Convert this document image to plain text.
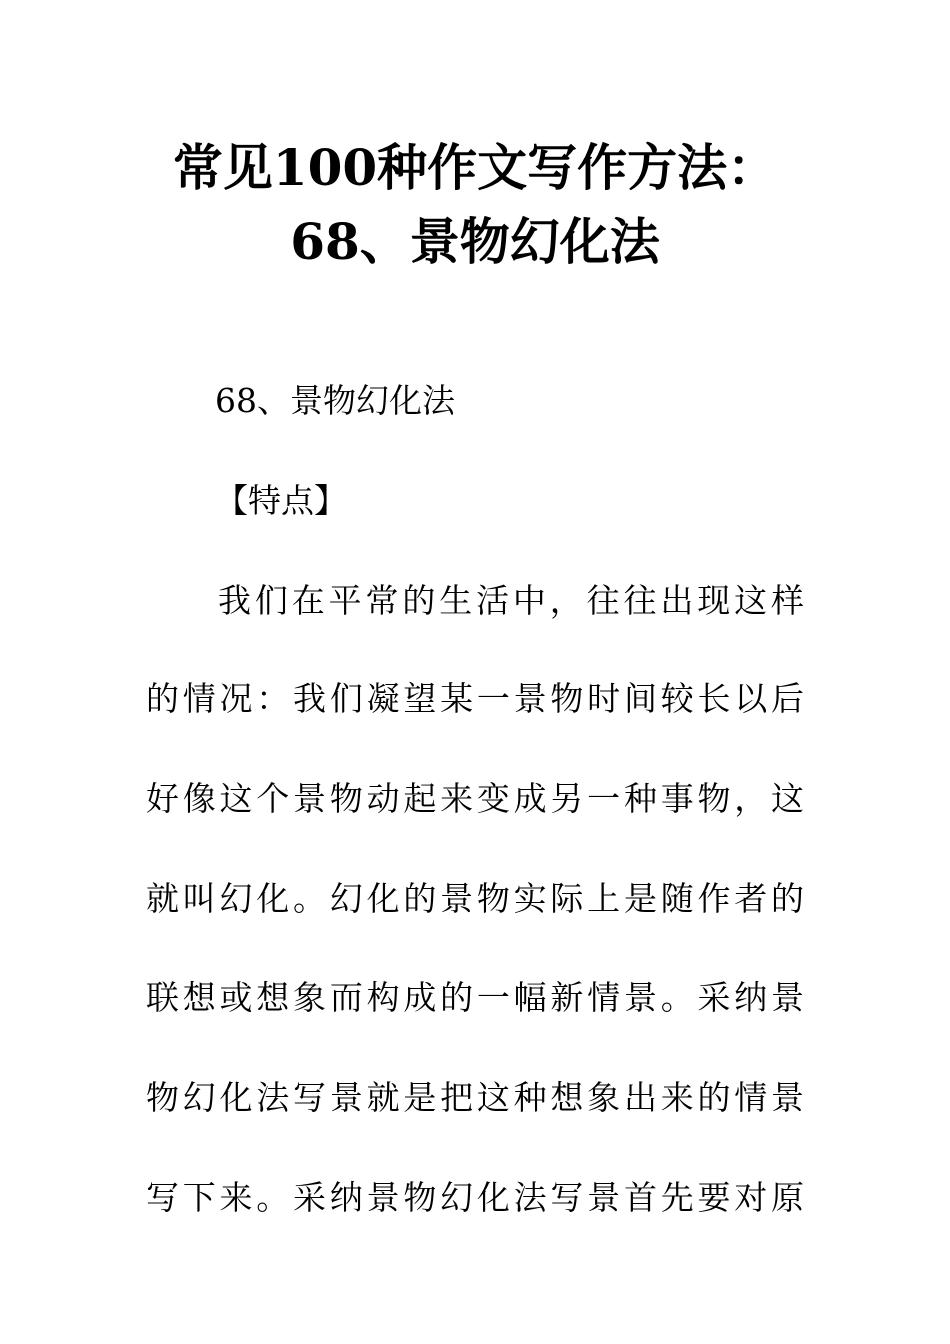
常见100种作文写作方法：
68、景物幻化法

68、景物幻化法

【特点】

我们在平常的生活中，往往出现这样

的情况：我们凝望某一景物时间较长以后

好像这个景物动起来变成另一种事物，这

就叫幻化。幻化的景物实际上是随作者的

联想或想象而构成的一幅新情景。采纳景

物幻化法写景就是把这种想象出来的情景

写下来。采纳景物幻化法写景首先要对原
